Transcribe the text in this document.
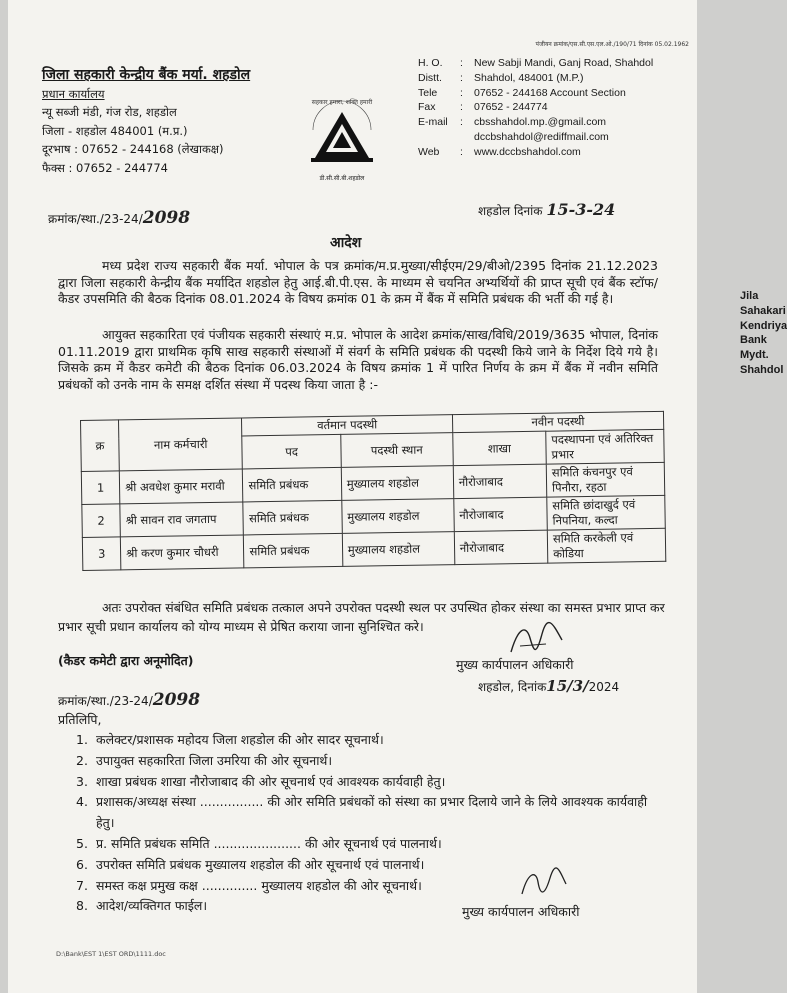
पंजीयन क्रमांक/एस.सी.एस.एल.ओ./190/71 दिनांक 05.02.1962
जिला सहकारी केन्द्रीय बैंक मर्या. शहडोल
प्रधान कार्यालय
न्यू सब्जी मंडी, गंज रोड, शहडोल
जिला - शहडोल 484001 (म.प्र.)
दूरभाष : 07652 - 244168 (लेखाकक्ष)
फैक्स : 07652 - 244774
सहकार हमारा, शक्ति हमारी
डी.सी.सी.बी.शहडोल
Jila Sahakari Kendriya Bank Mydt. Shahdol
H. O.	:	New Sabji Mandi, Ganj Road, Shahdol
Distt.	:	Shahdol, 484001 (M.P.)
Tele	:	07652 - 244168 Account Section
Fax	:	07652 - 244774
E-mail	:	cbsshahdol.mp.@gmail.com
dccbshahdol@rediffmail.com
Web	:	www.dccbshahdol.com
क्रमांक/स्था./23-24/2098	शहडोल दिनांक 15-3-24
आदेश

मध्य प्रदेश राज्य सहकारी बैंक मर्या. भोपाल के पत्र क्रमांक/म.प्र.मुख्या/सीईएम/29/बीओ/2395 दिनांक 21.12.2023 द्वारा जिला सहकारी केन्द्रीय बैंक मर्यादित शहडोल हेतु आई.बी.पी.एस. के माध्यम से चयनित अभ्यर्थियों की प्राप्त सूची एवं बैंक स्टॉफ/कैडर उपसमिति की बैठक दिनांक 08.01.2024 के विषय क्रमांक 01 के क्रम में बैंक में समिति प्रबंधक की भर्ती की गई है।

आयुक्त सहकारिता एवं पंजीयक सहकारी संस्थाएं म.प्र. भोपाल के आदेश क्रमांक/साख/विधि/2019/3635 भोपाल, दिनांक 01.11.2019 द्वारा प्राथमिक कृषि साख सहकारी संस्थाओं में संवर्ग के समिति प्रबंधक की पदस्थी किये जाने के निर्देश दिये गये है। जिसके क्रम में कैडर कमेटी की बैठक दिनांक 06.03.2024 के विषय क्रमांक 1 में पारित निर्णय के क्रम में बैंक में नवीन समिति प्रबंधकों को उनके नाम के समक्ष दर्शित संस्था में पदस्थ किया जाता है :-

क्र	नाम कर्मचारी	वर्तमान पदस्थी		नवीन पदस्थी	
		पद	पदस्थी स्थान	शाखा	पदस्थापना एवं अतिरिक्त प्रभार
1	श्री अवधेश कुमार मरावी	समिति प्रबंधक	मुख्यालय शहडोल	नौरोजाबाद	समिति कंचनपुर एवं पिनौरा, रहठा
2	श्री सावन राव जगताप	समिति प्रबंधक	मुख्यालय शहडोल	नौरोजाबाद	समिति छांदाखुर्द एवं निपनिया, कल्दा
3	श्री करण कुमार चौधरी	समिति प्रबंधक	मुख्यालय शहडोल	नौरोजाबाद	समिति करकेली एवं कोडिया

अतः उपरोक्त संबंधित समिति प्रबंधक तत्काल अपने उपरोक्त पदस्थी स्थल पर उपस्थित होकर संस्था का समस्त प्रभार प्राप्त कर प्रभार सूची प्रधान कार्यालय को योग्य माध्यम से प्रेषित कराया जाना सुनिश्चित करे।

(कैडर कमेटी द्वारा अनूमोदित)	मुख्य कार्यपालन अधिकारी
शहडोल, दिनांक15/3/2024
क्रमांक/स्था./23-24/2098
प्रतिलिपि,
1. कलेक्टर/प्रशासक महोदय जिला शहडोल की ओर सादर सूचनार्थ।
2. उपायुक्त सहकारिता जिला उमरिया की ओर सूचनार्थ।
3. शाखा प्रबंधक शाखा नौरोजाबाद की ओर सूचनार्थ एवं आवश्यक कार्यवाही हेतु।
4. प्रशासक/अध्यक्ष संस्था ................ की ओर समिति प्रबंधकों को संस्था का प्रभार दिलाये जाने के लिये आवश्यक कार्यवाही हेतु।
5. प्र. समिति प्रबंधक समिति ...................... की ओर सूचनार्थ एवं पालनार्थ।
6. उपरोक्त समिति प्रबंधक मुख्यालय शहडोल की ओर सूचनार्थ एवं पालनार्थ।
7. समस्त कक्ष प्रमुख कक्ष .............. मुख्यालय शहडोल की ओर सूचनार्थ।
8. आदेश/व्यक्तिगत फाईल।	मुख्य कार्यपालन अधिकारी
D:\Bank\EST 1\EST ORD\1111.doc
